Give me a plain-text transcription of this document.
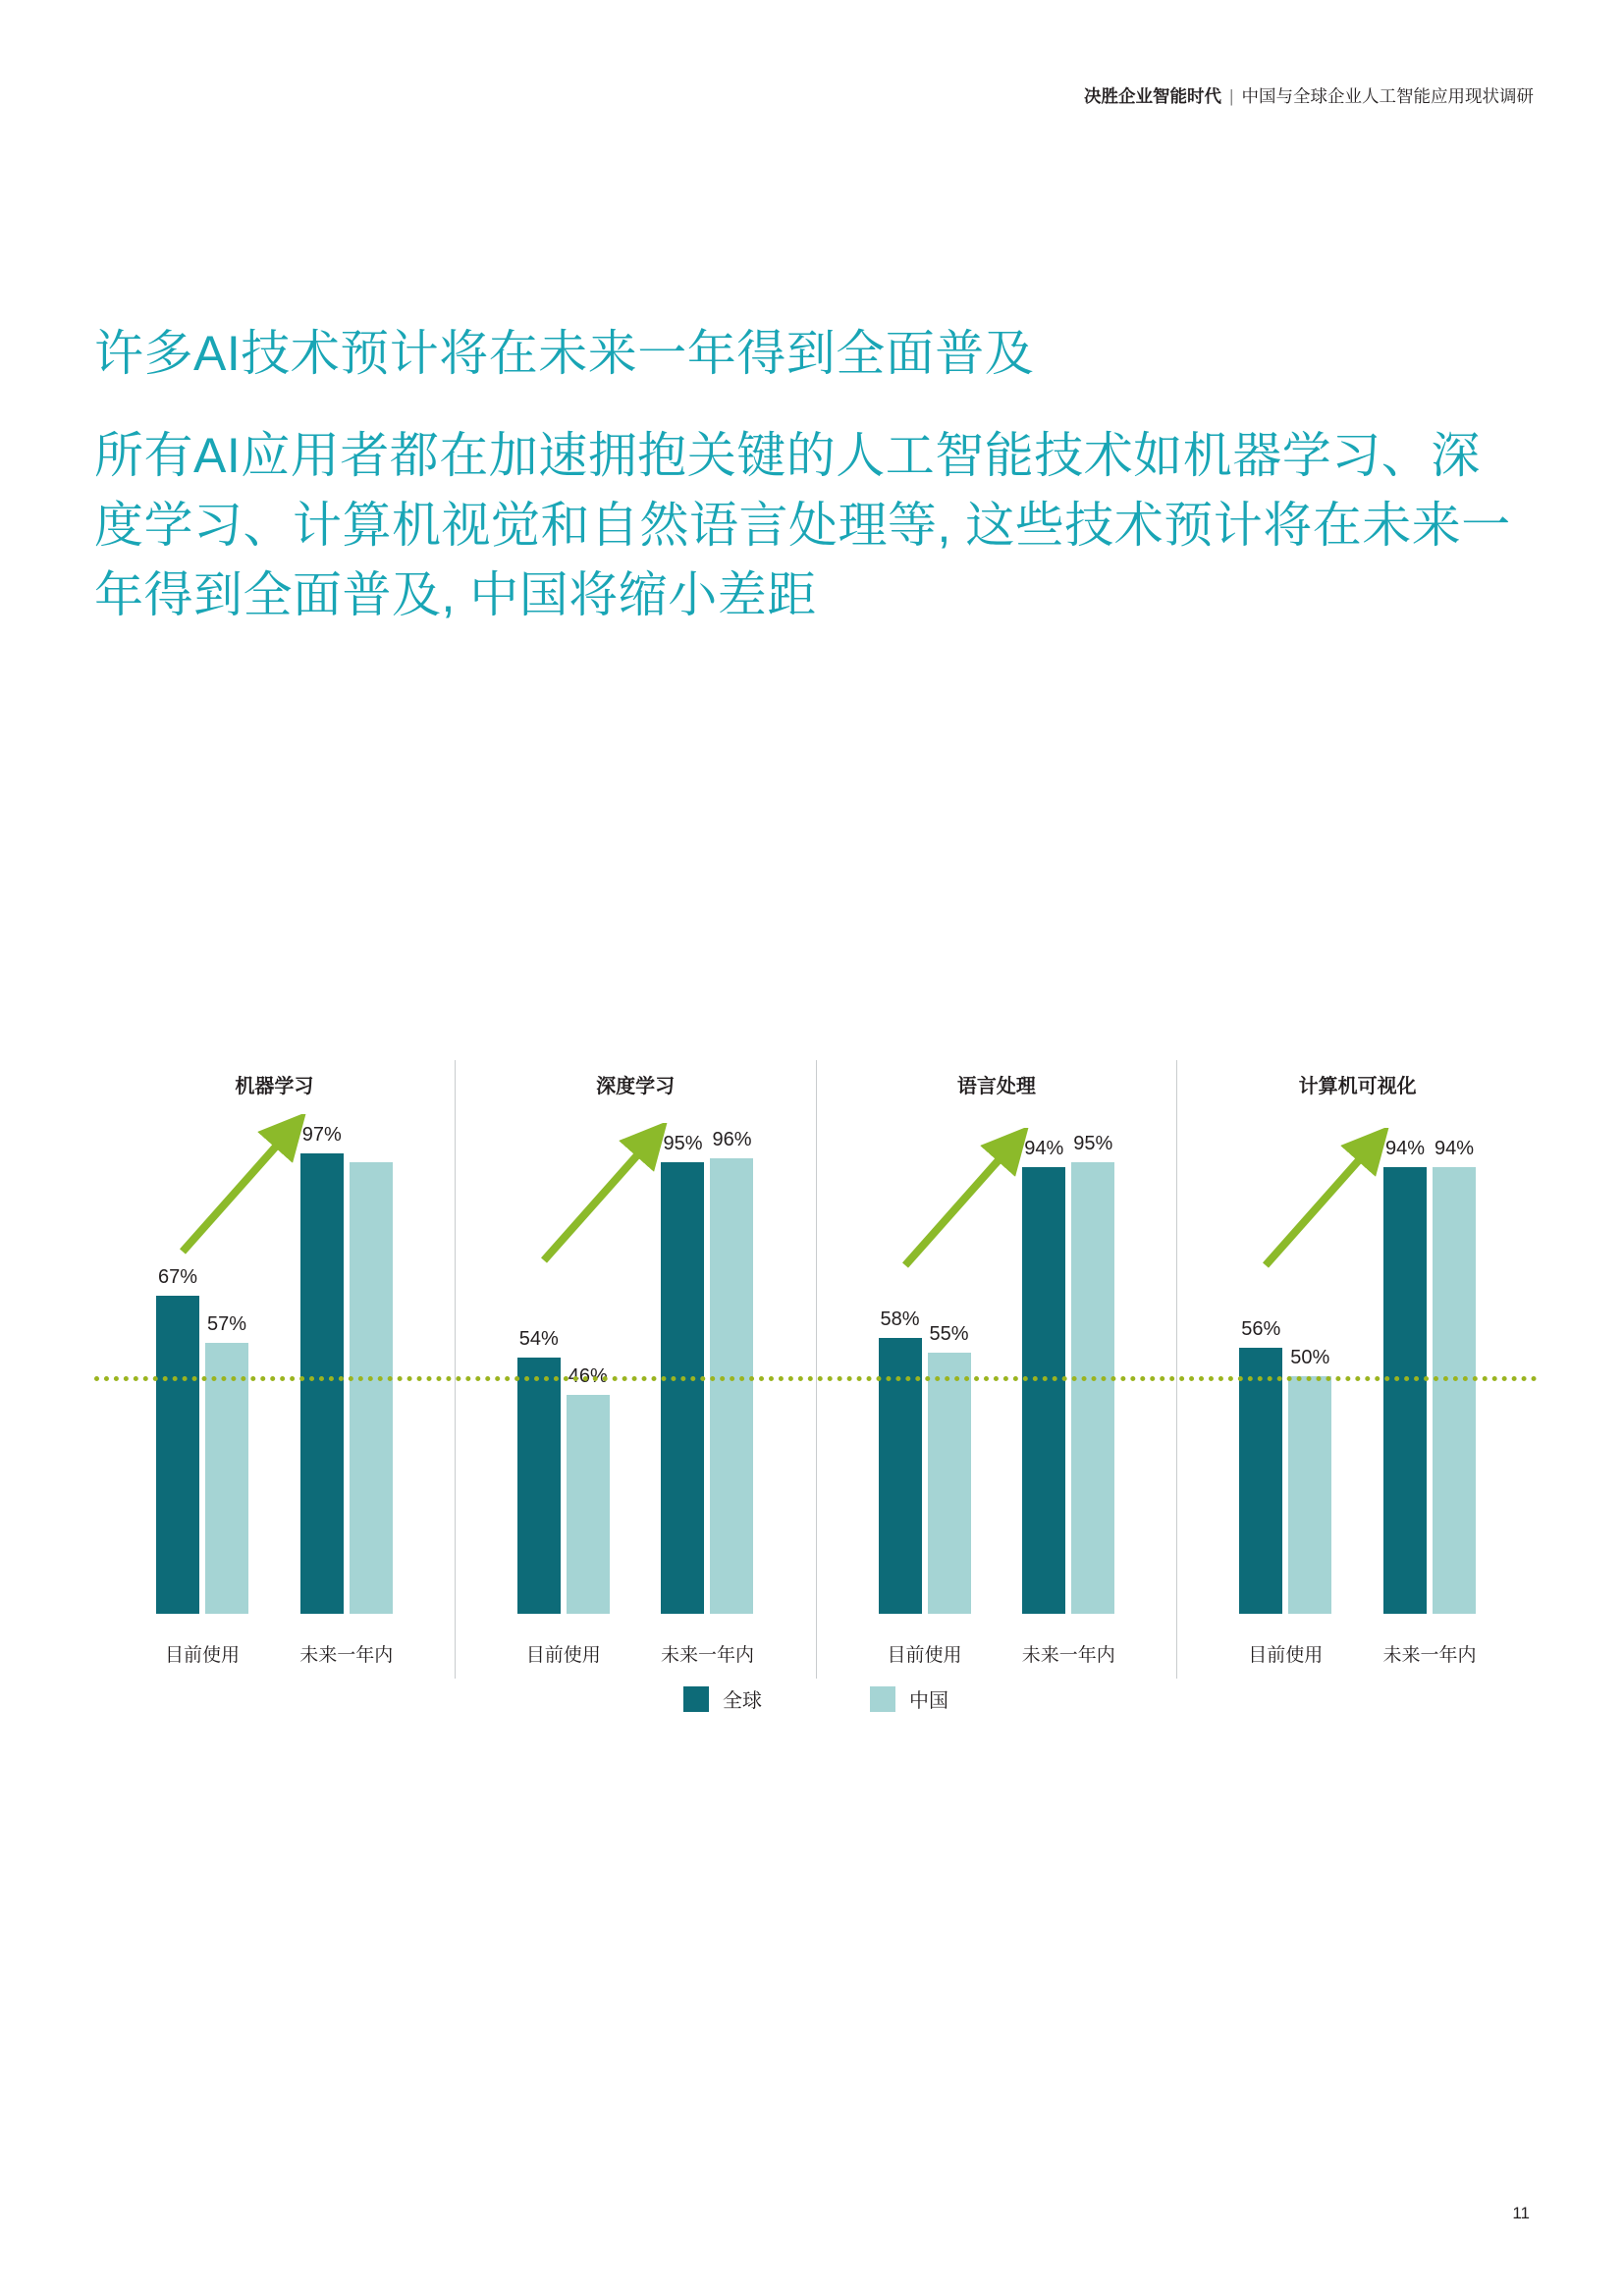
决胜企业智能时代 | 中国与全球企业人工智能应用现状调研
许多AI技术预计将在未来一年得到全面普及

所有AI应用者都在加速拥抱关键的人工智能技术如机器学习、深度学习、计算机视觉和自然语言处理等, 这些技术预计将在未来一年得到全面普及, 中国将缩小差距

机器学习
67%
57%
目前使用
97%
未来一年内
深度学习
54%
46%
目前使用
95% 96%
未来一年内
语言处理
58%
55%
目前使用
94% 95%
未来一年内
计算机可视化
56%
50%
目前使用
94% 94%
未来一年内
全球	中国
11
